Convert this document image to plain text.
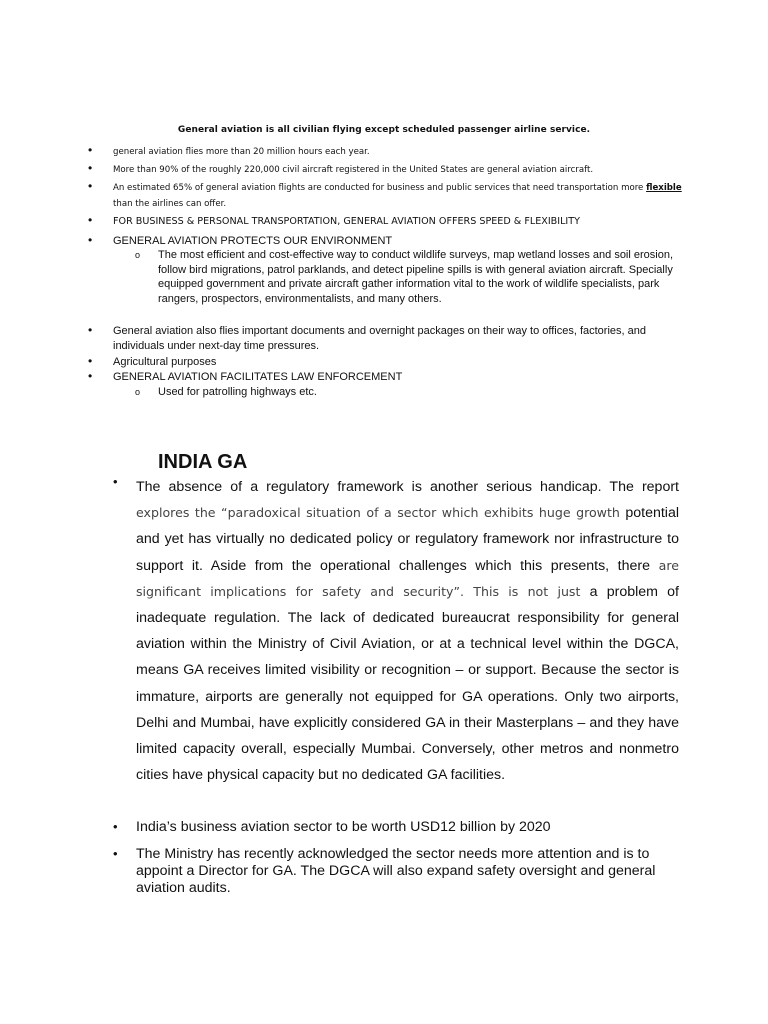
General aviation is all civilian flying except scheduled passenger airline service.
• general aviation flies more than 20 million hours each year.
• More than 90% of the roughly 220,000 civil aircraft registered in the United States are general aviation aircraft.
• An estimated 65% of general aviation flights are conducted for business and public services that need transportation more flexible than the airlines can offer.
• FOR BUSINESS & PERSONAL TRANSPORTATION, GENERAL AVIATION OFFERS SPEED & FLEXIBILITY
• GENERAL AVIATION PROTECTS OUR ENVIRONMENT
o The most efficient and cost-effective way to conduct wildlife surveys, map wetland losses and soil erosion, follow bird migrations, patrol parklands, and detect pipeline spills is with general aviation aircraft. Specially equipped government and private aircraft gather information vital to the work of wildlife specialists, park rangers, prospectors, environmentalists, and many others.
• General aviation also flies important documents and overnight packages on their way to offices, factories, and individuals under next-day time pressures.
• Agricultural purposes
• GENERAL AVIATION FACILITATES LAW ENFORCEMENT
o Used for patrolling highways etc.
INDIA GA
• The absence of a regulatory framework is another serious handicap. The report explores the “paradoxical situation of a sector which exhibits huge growth potential and yet has virtually no dedicated policy or regulatory framework nor infrastructure to support it. Aside from the operational challenges which this presents, there are significant implications for safety and security”. This is not just a problem of inadequate regulation. The lack of dedicated bureaucrat responsibility for general aviation within the Ministry of Civil Aviation, or at a technical level within the DGCA, means GA receives limited visibility or recognition – or support. Because the sector is immature, airports are generally not equipped for GA operations. Only two airports, Delhi and Mumbai, have explicitly considered GA in their Masterplans – and they have limited capacity overall, especially Mumbai. Conversely, other metros and nonmetro cities have physical capacity but no dedicated GA facilities.
• India’s business aviation sector to be worth USD12 billion by 2020
• The Ministry has recently acknowledged the sector needs more attention and is to appoint a Director for GA. The DGCA will also expand safety oversight and general aviation audits.
